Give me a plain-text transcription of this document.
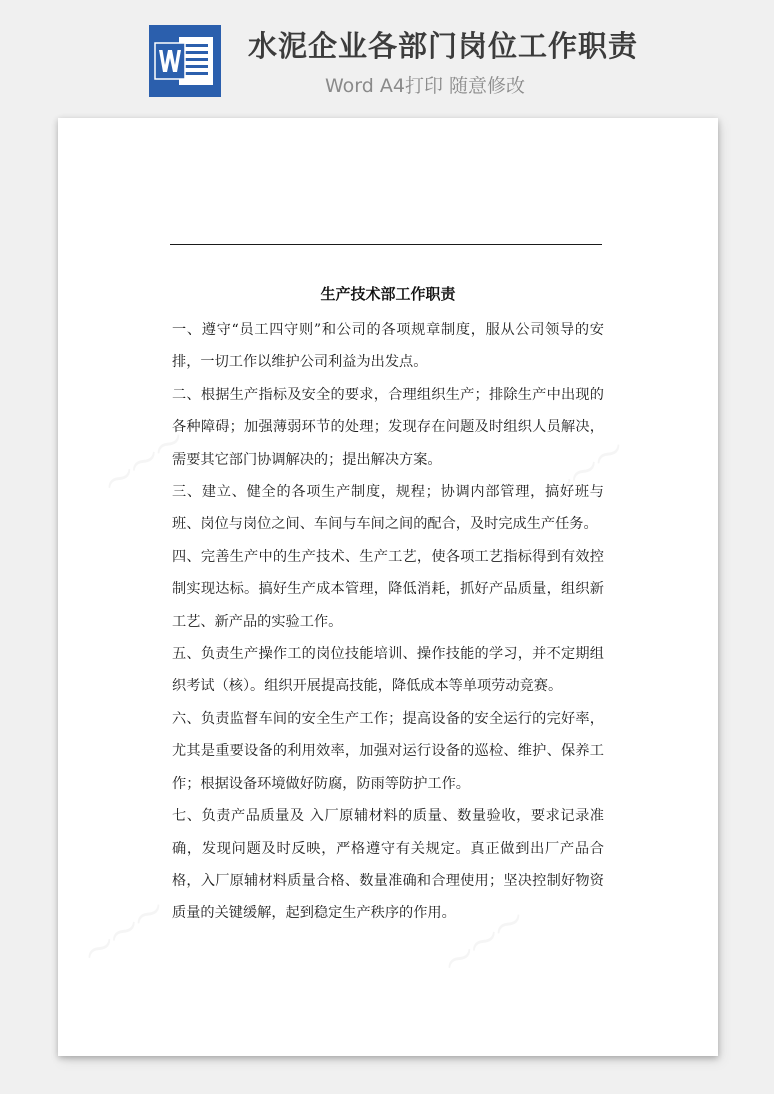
水泥企业各部门岗位工作职责
Word A4打印 随意修改
〜〜〜	〜〜〜
〜〜〜	〜〜〜
生产技术部工作职责

一、遵守“员工四守则”和公司的各项规章制度，服从公司领导的安排，一切工作以维护公司利益为出发点。

二、根据生产指标及安全的要求，合理组织生产；排除生产中出现的各种障碍；加强薄弱环节的处理；发现存在问题及时组织人员解决，需要其它部门协调解决的；提出解决方案。

三、建立、健全的各项生产制度，规程；协调内部管理，搞好班与班、岗位与岗位之间、车间与车间之间的配合，及时完成生产任务。

四、完善生产中的生产技术、生产工艺，使各项工艺指标得到有效控制实现达标。搞好生产成本管理，降低消耗，抓好产品质量，组织新工艺、新产品的实验工作。

五、负责生产操作工的岗位技能培训、操作技能的学习，并不定期组织考试（核）。组织开展提高技能，降低成本等单项劳动竞赛。

六、负责监督车间的安全生产工作；提高设备的安全运行的完好率，尤其是重要设备的利用效率，加强对运行设备的巡检、维护、保养工作；根据设备环境做好防腐，防雨等防护工作。

七、负责产品质量及 入厂原辅材料的质量、数量验收，要求记录准确，发现问题及时反映，严格遵守有关规定。真正做到出厂产品合格，入厂原辅材料质量合格、数量准确和合理使用；坚决控制好物资质量的关键缓解，起到稳定生产秩序的作用。
